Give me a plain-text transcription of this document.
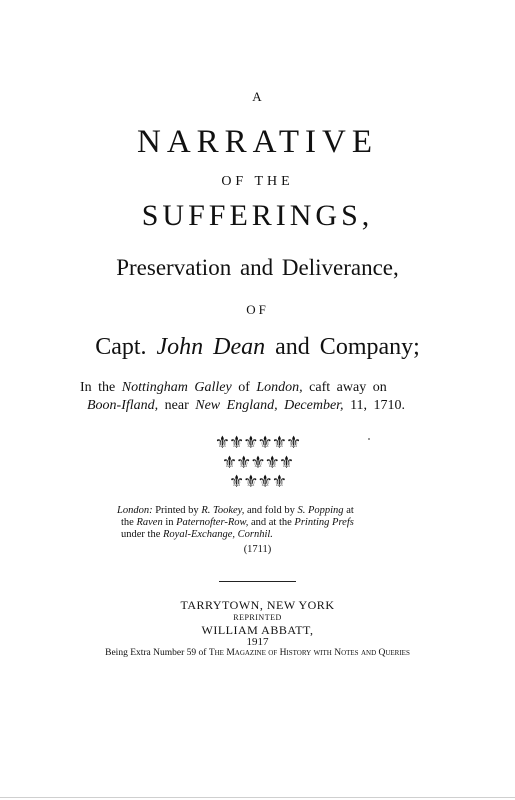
A
NARRATIVE
OF THE
SUFFERINGS,
Preservation and Deliverance,
OF
Capt. John Dean and Company;
In the Nottingham Galley of London, caft away on
Boon-Ifland, near New England, December, 11, 1710.
⚜⚜⚜⚜⚜⚜
⚜⚜⚜⚜⚜
⚜⚜⚜⚜
London: Printed by R. Tookey, and fold by S. Popping at
the Raven in Paternofter-Row, and at the Printing Prefs
under the Royal-Exchange, Cornhil.
(1711)
TARRYTOWN, NEW YORK
REPRINTED
WILLIAM ABBATT,
1917
Being Extra Number 59 of The Magazine of History with Notes and Queries
